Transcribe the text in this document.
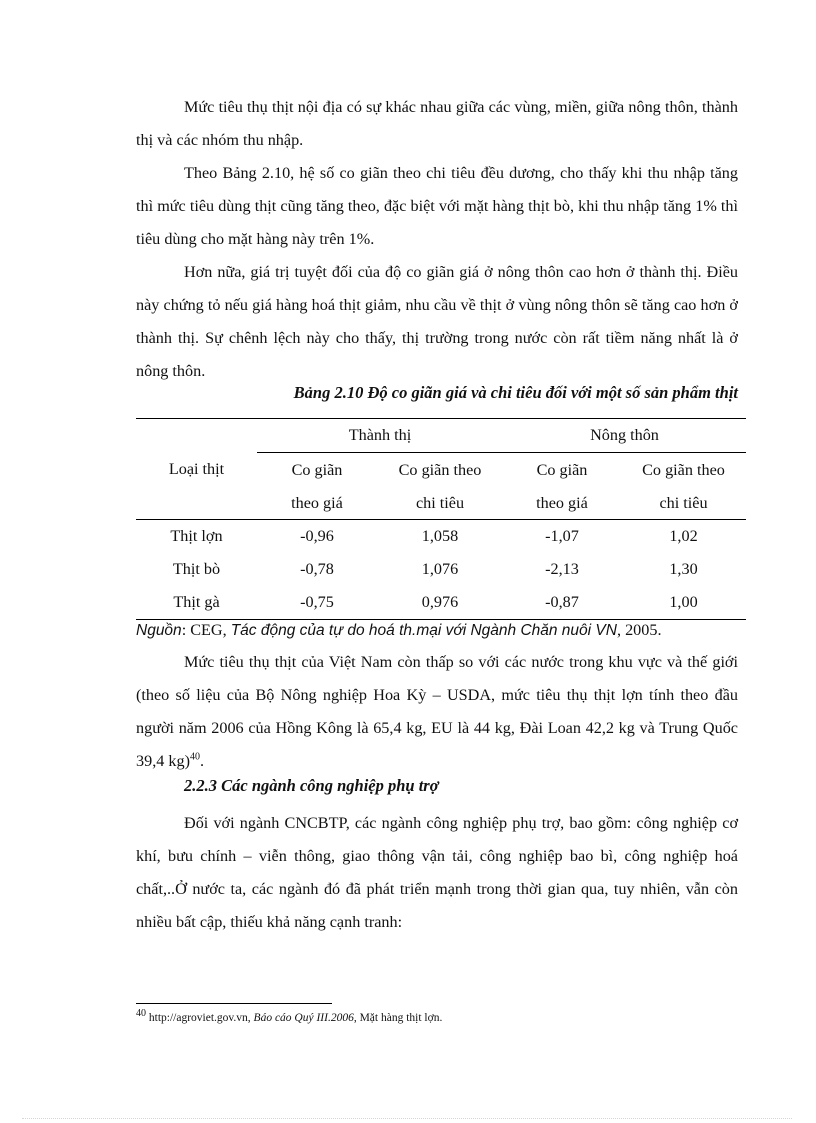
Mức tiêu thụ thịt nội địa có sự khác nhau giữa các vùng, miền, giữa nông thôn, thành thị và các nhóm thu nhập.
Theo Bảng 2.10, hệ số co giãn theo chi tiêu đều dương, cho thấy khi thu nhập tăng thì mức tiêu dùng thịt cũng tăng theo, đặc biệt với mặt hàng thịt bò, khi thu nhập tăng 1% thì tiêu dùng cho mặt hàng này trên 1%.
Hơn nữa, giá trị tuyệt đối của độ co giãn giá ở nông thôn cao hơn ở thành thị. Điều này chứng tỏ nếu giá hàng hoá thịt giảm, nhu cầu về thịt ở vùng nông thôn sẽ tăng cao hơn ở thành thị. Sự chênh lệch này cho thấy, thị trường trong nước còn rất tiềm năng nhất là ở nông thôn.
Bảng 2.10 Độ co giãn giá và chi tiêu đối với một số sản phẩm thịt
Loại thịt	Thành thị		Nông thôn	
	Co giãn	Co giãn theo	Co giãn	Co giãn theo
	theo giá	chi tiêu	theo giá	chi tiêu
Thịt lợn	-0,96	1,058	-1,07	1,02
Thịt bò	-0,78	1,076	-2,13	1,30
Thịt gà	-0,75	0,976	-0,87	1,00
Nguồn: CEG, Tác động của tự do hoá th.mại với Ngành Chăn nuôi VN, 2005.
Mức tiêu thụ thịt của Việt Nam còn thấp so với các nước trong khu vực và thế giới (theo số liệu của Bộ Nông nghiệp Hoa Kỳ – USDA, mức tiêu thụ thịt lợn tính theo đầu người năm 2006 của Hồng Kông là 65,4 kg, EU là 44 kg, Đài Loan 42,2 kg và Trung Quốc 39,4 kg)$^{40}$.
2.2.3 Các ngành công nghiệp phụ trợ
Đối với ngành CNCBTP, các ngành công nghiệp phụ trợ, bao gồm: công nghiệp cơ khí, bưu chính – viễn thông, giao thông vận tải, công nghiệp bao bì, công nghiệp hoá chất,..Ở nước ta, các ngành đó đã phát triển mạnh trong thời gian qua, tuy nhiên, vẫn còn nhiều bất cập, thiếu khả năng cạnh tranh:
$^{40}$ http://agroviet.gov.vn, Báo cáo Quý III.2006, Mặt hàng thịt lợn.
